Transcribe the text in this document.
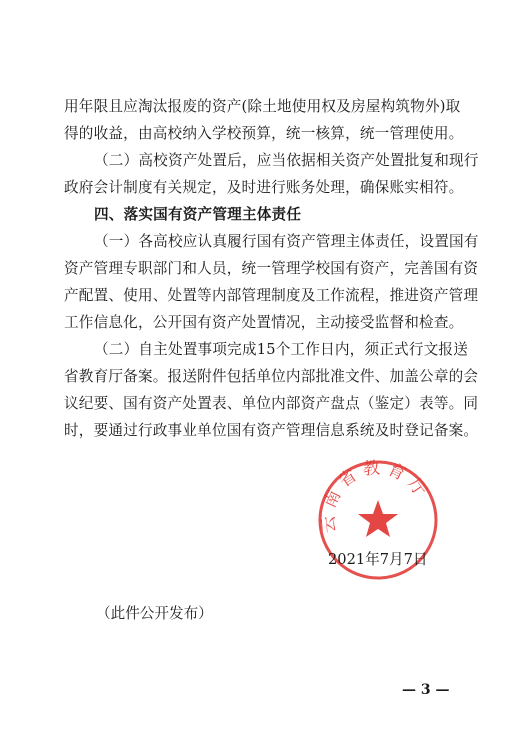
用年限且应淘汰报废的资产(除土地使用权及房屋构筑物外)取
得的收益，由高校纳入学校预算，统一核算，统一管理使用。
（二）高校资产处置后，应当依据相关资产处置批复和现行
政府会计制度有关规定，及时进行账务处理，确保账实相符。
四、落实国有资产管理主体责任
（一）各高校应认真履行国有资产管理主体责任，设置国有
资产管理专职部门和人员，统一管理学校国有资产，完善国有资
产配置、使用、处置等内部管理制度及工作流程，推进资产管理
工作信息化，公开国有资产处置情况，主动接受监督和检查。
（二）自主处置事项完成15个工作日内，须正式行文报送
省教育厅备案。报送附件包括单位内部批准文件、加盖公章的会
议纪要、国有资产处置表、单位内部资产盘点（鉴定）表等。同
时，要通过行政事业单位国有资产管理信息系统及时登记备案。
云南省教育厅
2021年7月7日
（此件公开发布）
— 3 —
